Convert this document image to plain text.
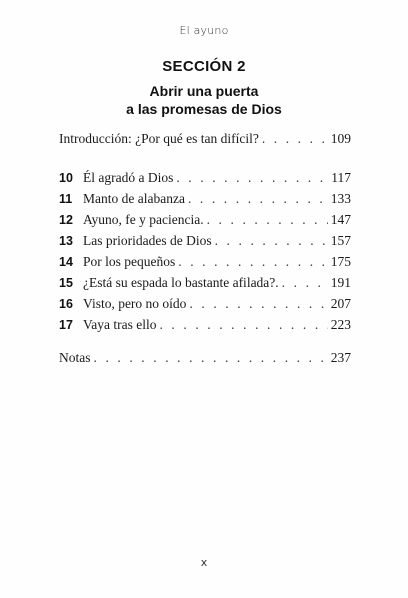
El ayuno
SECCIÓN 2
Abrir una puerta
a las promesas de Dios
Introducción: ¿Por qué es tan difícil? . . .	109
10 Él agradó a Dios . . .	117
11 Manto de alabanza . . .	133
12 Ayuno, fe y paciencia. . . .	147
13 Las prioridades de Dios . . .	157
14 Por los pequeños . . .	175
15 ¿Está su espada lo bastante afilada?. . . .	191
16 Visto, pero no oído . . .	207
17 Vaya tras ello . . .	223
Notas . . .	237
x
